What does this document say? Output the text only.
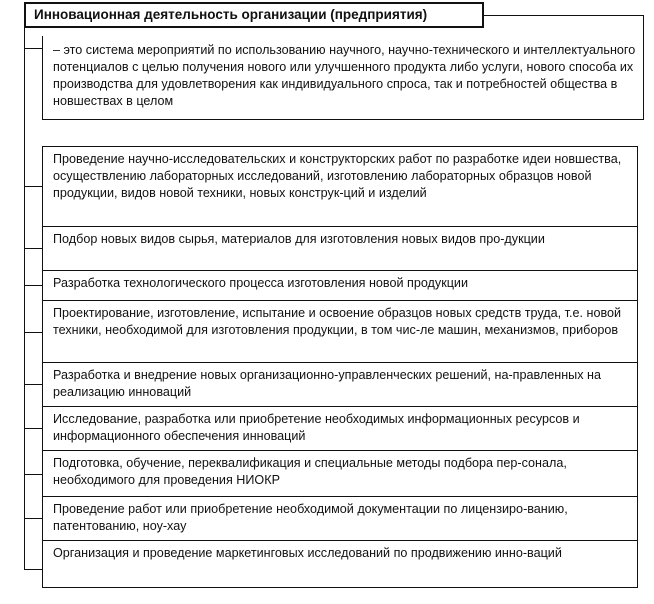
Инновационная деятельность организации (предприятия)
– это система мероприятий по использованию научного, научно-технического и интеллектуального потенциалов с целью получения нового или улучшенного продукта либо услуги, нового способа их производства для удовлетворения как индивидуального спроса, так и потребностей общества в новшествах в целом
Проведение научно-исследовательских и конструкторских работ по разработке идеи новшества, осуществлению лабораторных исследований, изготовлению лабораторных образцов новой продукции, видов новой техники, новых конструк-ций и изделий
Подбор новых видов сырья, материалов для изготовления новых видов про-дукции
Разработка технологического процесса изготовления новой продукции
Проектирование, изготовление, испытание и освоение образцов новых средств труда, т.е. новой техники, необходимой для изготовления продукции, в том чис-ле машин, механизмов, приборов
Разработка и внедрение новых организационно-управленческих решений, на-правленных на реализацию инноваций
Исследование, разработка или приобретение необходимых информационных ресурсов и информационного обеспечения инноваций
Подготовка, обучение, переквалификация и специальные методы подбора пер-сонала, необходимого для проведения НИОКР
Проведение работ или приобретение необходимой документации по лицензиро-ванию, патентованию, ноу-хау
Организация и проведение маркетинговых исследований по продвижению инно-ваций
